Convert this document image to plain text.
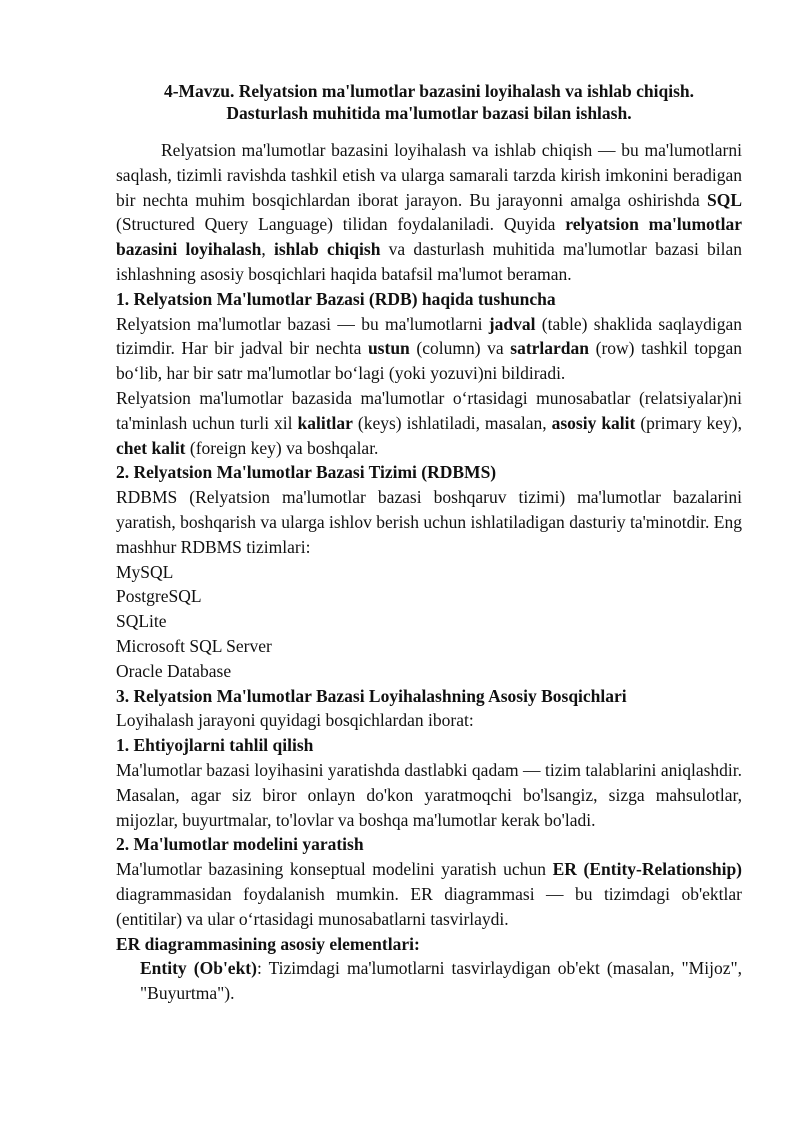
4-Mavzu. Relyatsion ma'lumotlar bazasini loyihalash va ishlab chiqish.
Dasturlash muhitida ma'lumotlar bazasi bilan ishlash.

Relyatsion ma'lumotlar bazasini loyihalash va ishlab chiqish — bu ma'lumotlarni saqlash, tizimli ravishda tashkil etish va ularga samarali tarzda kirish imkonini beradigan bir nechta muhim bosqichlardan iborat jarayon. Bu jarayonni amalga oshirishda SQL (Structured Query Language) tilidan foydalaniladi. Quyida relyatsion ma'lumotlar bazasini loyihalash, ishlab chiqish va dasturlash muhitida ma'lumotlar bazasi bilan ishlashning asosiy bosqichlari haqida batafsil ma'lumot beraman.

1. Relyatsion Ma'lumotlar Bazasi (RDB) haqida tushuncha

Relyatsion ma'lumotlar bazasi — bu ma'lumotlarni jadval (table) shaklida saqlaydigan tizimdir. Har bir jadval bir nechta ustun (column) va satrlardan (row) tashkil topgan bo‘lib, har bir satr ma'lumotlar bo‘lagi (yoki yozuvi)ni bildiradi.

Relyatsion ma'lumotlar bazasida ma'lumotlar o‘rtasidagi munosabatlar (relatsiyalar)ni ta'minlash uchun turli xil kalitlar (keys) ishlatiladi, masalan, asosiy kalit (primary key), chet kalit (foreign key) va boshqalar.

2. Relyatsion Ma'lumotlar Bazasi Tizimi (RDBMS)

RDBMS (Relyatsion ma'lumotlar bazasi boshqaruv tizimi) ma'lumotlar bazalarini yaratish, boshqarish va ularga ishlov berish uchun ishlatiladigan dasturiy ta'minotdir. Eng mashhur RDBMS tizimlari:

MySQL
PostgreSQL
SQLite
Microsoft SQL Server
Oracle Database
3. Relyatsion Ma'lumotlar Bazasi Loyihalashning Asosiy Bosqichlari

Loyihalash jarayoni quyidagi bosqichlardan iborat:

1. Ehtiyojlarni tahlil qilish

Ma'lumotlar bazasi loyihasini yaratishda dastlabki qadam — tizim talablarini aniqlashdir. Masalan, agar siz biror onlayn do'kon yaratmoqchi bo'lsangiz, sizga mahsulotlar, mijozlar, buyurtmalar, to'lovlar va boshqa ma'lumotlar kerak bo'ladi.

2. Ma'lumotlar modelini yaratish

Ma'lumotlar bazasining konseptual modelini yaratish uchun ER (Entity-Relationship) diagrammasidan foydalanish mumkin. ER diagrammasi — bu tizimdagi ob'ektlar (entitilar) va ular o‘rtasidagi munosabatlarni tasvirlaydi.

ER diagrammasining asosiy elementlari:

Entity (Ob'ekt): Tizimdagi ma'lumotlarni tasvirlaydigan ob'ekt (masalan, "Mijoz", "Buyurtma").
